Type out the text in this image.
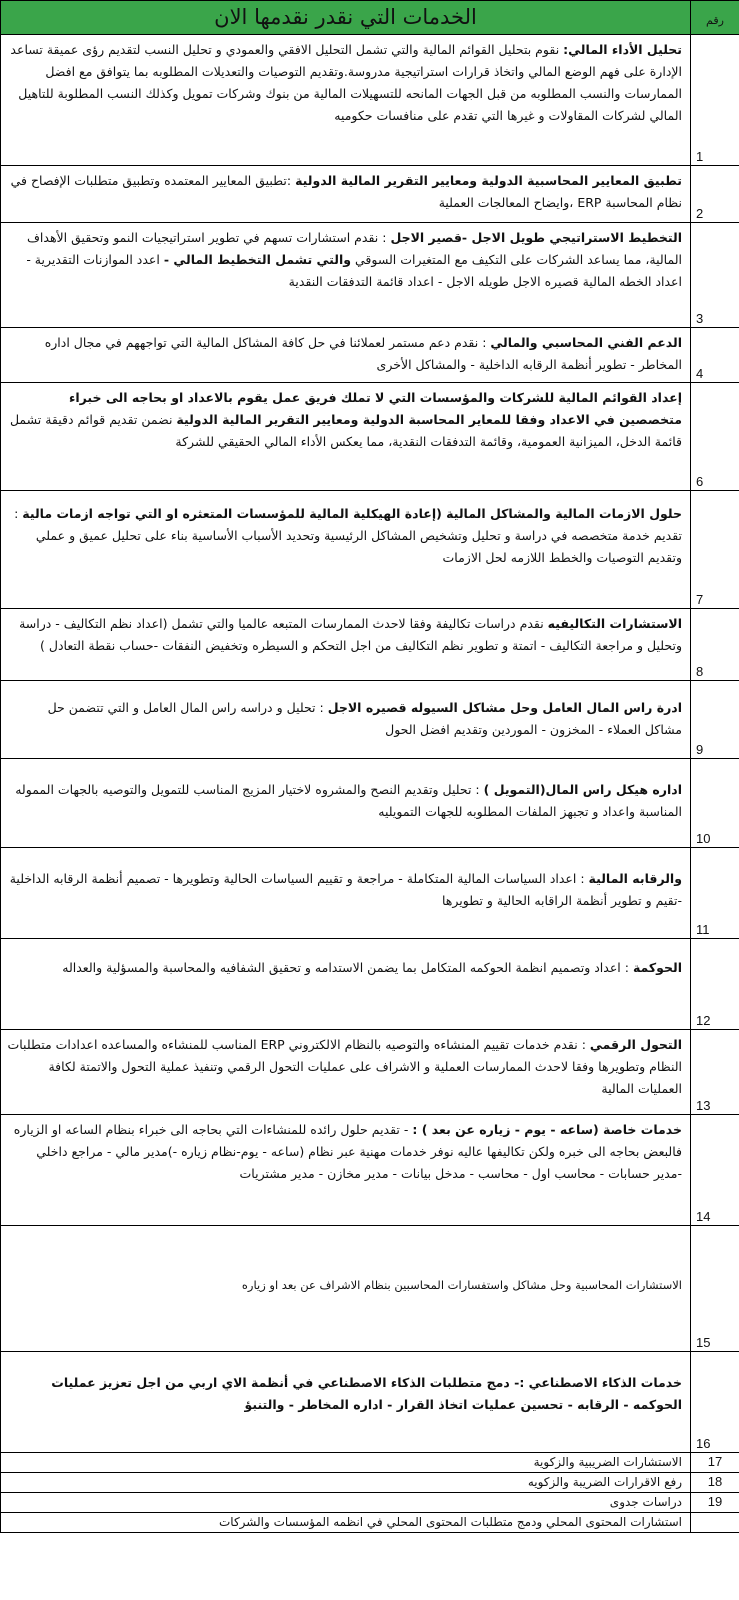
الخدمات التي نقدر نقدمها الان	رقم

تحليل الأداء المالي: نقوم بتحليل القوائم المالية والتي تشمل التحليل الافقي والعمودي و تحليل النسب لتقديم رؤى عميقة تساعد الإدارة على فهم الوضع المالي واتخاذ قرارات استراتيجية مدروسة.وتقديم التوصيات والتعديلات المطلوبه بما يتوافق مع افضل الممارسات والنسب المطلوبه من قبل الجهات المانحه للتسهيلات المالية من بنوك وشركات تمويل وكذلك النسب المطلوبة للتاهيل المالي لشركات المقاولات و غيرها التي تقدم على منافسات حكوميه	1

تطبيق المعايير المحاسبية الدولية ومعايير التقرير المالية الدولية :تطبيق المعايير المعتمده وتطبيق متطلبات الإفصاح في نظام المحاسبة ERP ،وايضاح المعالجات العملية	2

التخطيط الاستراتيجي طويل الاجل -قصير الاجل : نقدم استشارات تسهم في تطوير استراتيجيات النمو وتحقيق الأهداف المالية، مما يساعد الشركات على التكيف مع المتغيرات السوقي والتي تشمل التخطيط المالي - اعدد الموازنات التقديرية - اعداد الخطه المالية قصيره الاجل طويله الاجل - اعداد قائمة التدفقات النقدية	3

الدعم الفني المحاسبي والمالي : نقدم دعم مستمر لعملائنا في حل كافة المشاكل المالية التي تواجههم في مجال اداره المخاطر - تطوير أنظمة الرقابه الداخلية - والمشاكل الأخرى	4

إعداد القوائم المالية للشركات والمؤسسات التي لا تملك فريق عمل يقوم بالاعداد او بحاجه الى خبراء متخصصين في الاعداد وفقا للمعاير المحاسبة الدولية ومعايير التقرير المالية الدولية نضمن تقديم قوائم دقيقة تشمل قائمة الدخل، الميزانية العمومية، وقائمة التدفقات النقدية، مما يعكس الأداء المالي الحقيقي للشركة	6

حلول الازمات المالية والمشاكل المالية (إعادة الهيكلية المالية للمؤسسات المتعثره او التي تواجه ازمات مالية : تقديم خدمة متخصصه في دراسة و تحليل وتشخيص المشاكل الرئيسية وتحديد الأسباب الأساسية بناء على تحليل عميق و عملي وتقديم التوصيات والخطط اللازمه لحل الازمات	7

الاستشارات التكاليفيه نقدم دراسات تكاليفة وفقا لاحدث الممارسات المتبعه عالميا والتي تشمل (اعداد نظم التكاليف - دراسة وتحليل و مراجعة التكاليف - اتمتة و تطوير نظم التكاليف من اجل التحكم و السيطره وتخفيض النفقات -حساب نقطة التعادل )	8

ادرة راس المال العامل وحل مشاكل السيوله قصيره الاجل : تحليل و دراسه راس المال العامل و التي تتضمن حل مشاكل العملاء - المخزون - الموردين وتقديم افضل الحول	9

اداره هيكل راس المال(التمويل ) : تحليل وتقديم النصح والمشروه لاختيار المزيج المناسب للتمويل والتوصيه بالجهات المموله المناسبة واعداد و تجبهز الملفات المطلوبه للجهات التمويليه	10

والرقابه المالية : اعداد السياسات المالية المتكاملة - مراجعة و تقييم السياسات الحالية وتطويرها - تصميم أنظمة الرقابه الداخلية -تقيم و تطوير أنظمة الراقابه الحالية و تطويرها	11

الحوكمة : اعداد وتصميم انظمة الحوكمه المتكامل بما يضمن الاستدامه و تحقيق الشفافيه والمحاسبة والمسؤلية والعداله	12

التحول الرقمي : نقدم خدمات تقييم المنشاءه والتوصيه بالنظام الالكتروني ERP المناسب للمنشاءه والمساعده اعدادات متطلبات النظام وتطويرها وفقا لاحدث الممارسات العملية و الاشراف على عمليات التحول الرقمي وتنفيذ عملية التحول والاتمتة لكافة العمليات المالية	13

خدمات خاصة (ساعه - يوم - زياره عن بعد ) : - تقديم حلول رائده للمنشاءات التي بحاجه الى خبراء بنظام الساعه او الزياره فالبعض بحاجه الى خبره ولكن تكاليفها عاليه نوفر خدمات مهنية عبر نظام (ساعه - يوم-نظام زياره -)مدير مالي - مراجع داخلي -مدير حسابات - محاسب اول - محاسب - مدخل بيانات - مدير مخازن - مدير مشتريات	14

الاستشارات المحاسبية وحل مشاكل واستفسارات المحاسبين بنظام الاشراف عن بعد او زياره	15

خدمات الذكاء الاصطناعي :- دمج متطلبات الذكاء الاصطناعي في أنظمة الاي اربي من اجل تعزيز عمليات الحوكمه - الرقابه - تحسين عمليات اتخاذ القرار - اداره المخاطر - والتنبؤ	16

الاستشارات الضريبية والزكوية	17

رفع الاقرارات الضريبة والزكويه	18

دراسات جدوى	19

استشارات المحتوى المحلي ودمج متطلبات المحتوى المحلي في انظمه المؤسسات والشركات	
